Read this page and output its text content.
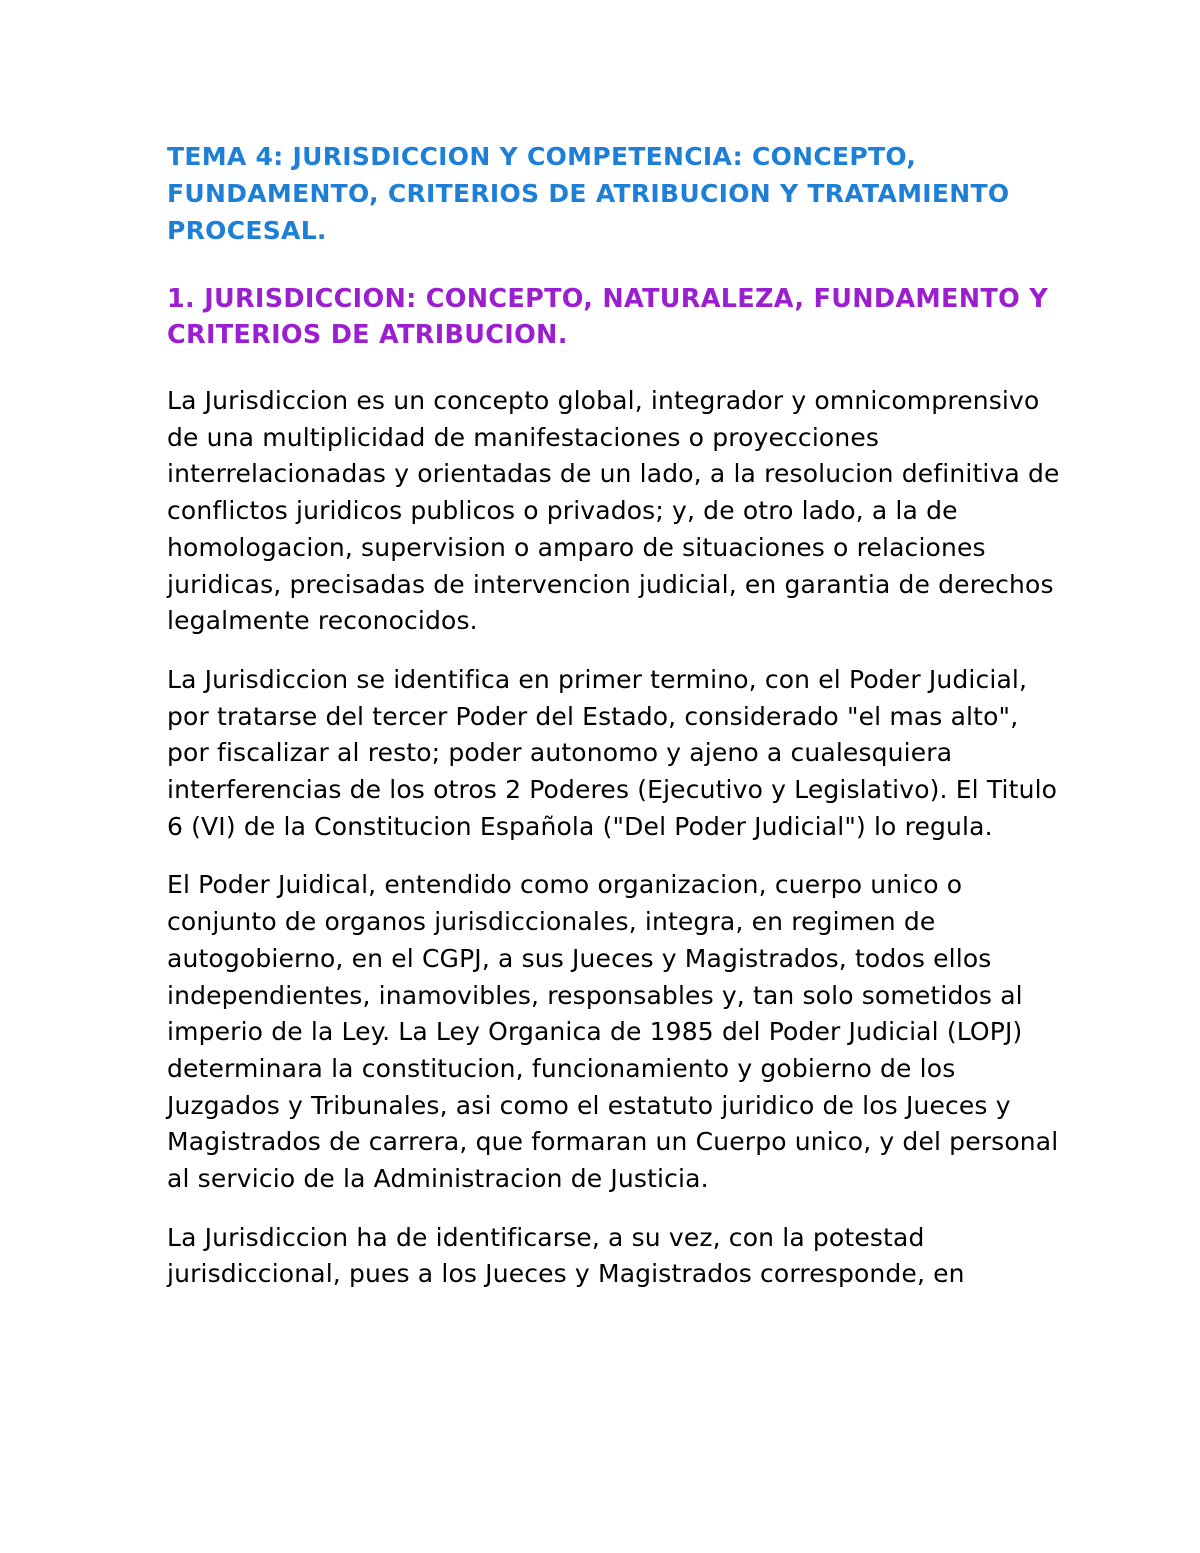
TEMA 4: JURISDICCION Y COMPETENCIA: CONCEPTO, FUNDAMENTO, CRITERIOS DE ATRIBUCION Y TRATAMIENTO PROCESAL.
1. JURISDICCION: CONCEPTO, NATURALEZA, FUNDAMENTO Y CRITERIOS DE ATRIBUCION.

La Jurisdiccion es un concepto global, integrador y omnicomprensivo de una multiplicidad de manifestaciones o proyecciones interrelacionadas y orientadas de un lado, a la resolucion definitiva de conflictos juridicos publicos o privados; y, de otro lado, a la de homologacion, supervision o amparo de situaciones o relaciones juridicas, precisadas de intervencion judicial, en garantia de derechos legalmente reconocidos.

La Jurisdiccion se identifica en primer termino, con el Poder Judicial, por tratarse del tercer Poder del Estado, considerado "el mas alto", por fiscalizar al resto; poder autonomo y ajeno a cualesquiera interferencias de los otros 2 Poderes (Ejecutivo y Legislativo). El Titulo 6 (VI) de la Constitucion Española ("Del Poder Judicial") lo regula.

El Poder Juidical, entendido como organizacion, cuerpo unico o conjunto de organos jurisdiccionales, integra, en regimen de autogobierno, en el CGPJ, a sus Jueces y Magistrados, todos ellos independientes, inamovibles, responsables y, tan solo sometidos al imperio de la Ley. La Ley Organica de 1985 del Poder Judicial (LOPJ) determinara la constitucion, funcionamiento y gobierno de los Juzgados y Tribunales, asi como el estatuto juridico de los Jueces y Magistrados de carrera, que formaran un Cuerpo unico, y del personal al servicio de la Administracion de Justicia.

La Jurisdiccion ha de identificarse, a su vez, con la potestad jurisdiccional, pues a los Jueces y Magistrados corresponde, en
